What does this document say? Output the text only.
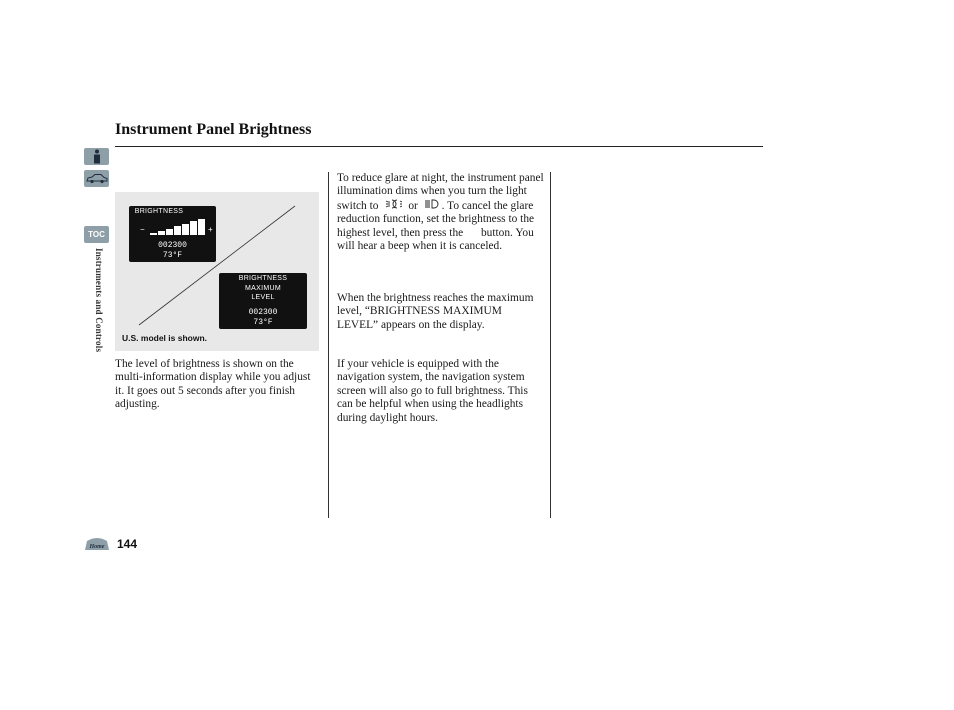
Instrument Panel Brightness
TOC
Instruments and Controls
BRIGHTNESS
−	+
002300
73°F
BRIGHTNESS
MAXIMUM
LEVEL
002300
73°F
U.S. model is shown.
The level of brightness is shown on the multi-information display while you adjust it. It goes out 5 seconds after you finish adjusting.
To reduce glare at night, the instrument panel illumination dims when you turn the light switch to	or . To cancel the glare reduction function, set the brightness to the highest level, then press the button. You will hear a beep when it is canceled.
When the brightness reaches the maximum level, “BRIGHTNESS MAXIMUM LEVEL” appears on the display.
If your vehicle is equipped with the navigation system, the navigation system screen will also go to full brightness. This can be helpful when using the headlights during daylight hours.
Home 144
